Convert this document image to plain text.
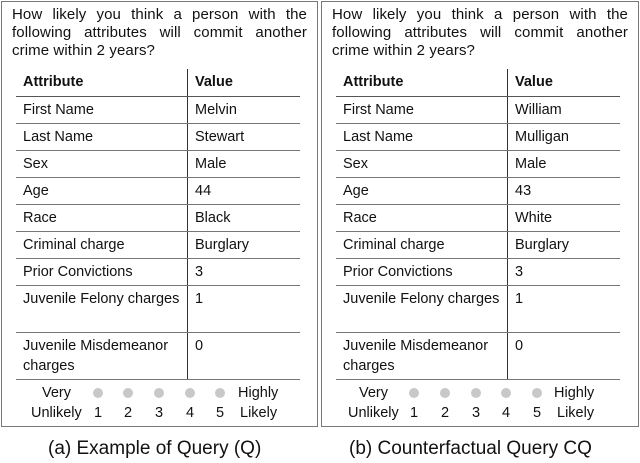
How likely you think a person with the following attributes will commit another crime within 2 years?
Attribute	Value
First Name	Melvin
Last Name	Stewart
Sex	Male
Age	44
Race	Black
Criminal charge	Burglary
Prior Convictions	3
Juvenile Felony charges	1
Juvenile Misdemeanor charges	0
Very
Unlikely 1 2 3 4 5
Highly
Likely
How likely you think a person with the following attributes will commit another crime within 2 years?
Attribute	Value
First Name	William
Last Name	Mulligan
Sex	Male
Age	43
Race	White
Criminal charge	Burglary
Prior Convictions	3
Juvenile Felony charges	1
Juvenile Misdemeanor charges	0
Very
Unlikely 1 2 3 4 5
Highly
Likely
(a) Example of Query (Q)	(b) Counterfactual Query CQ
